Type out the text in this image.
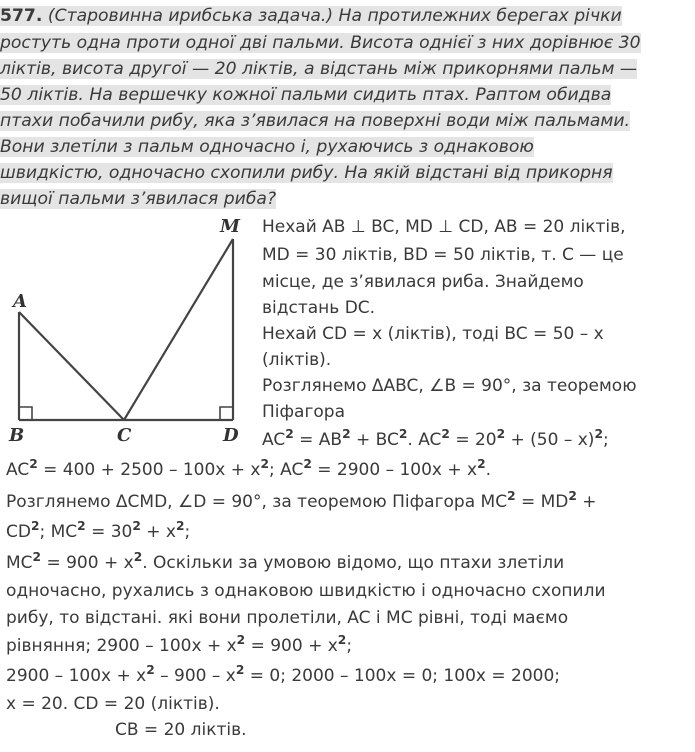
577. (Старовинна ирибська задача.) На протилежних берегах річки
ростуть одна проти одної дві пальми. Висота однієї з них дорівнює 30
ліктів, висота другої — 20 ліктів, а відстань між прикорнями пальм —
50 ліктів. На вершечку кожної пальми сидить птах. Раптом обидва
птахи побачили рибу, яка з’явилася на поверхні води між пальмами.
Вони злетіли з пальм одночасно і, рухаючись з однаковою
швидкістю, одночасно схопили рибу. На якій відстані від прикорня
вищої пальми з’явилася риба?
A
B	C	D
M Нехай AB ⊥ BC, MD ⊥ CD, AB = 20 ліктів,
MD = 30 ліктів, BD = 50 ліктів, т. С — це
місце, де з’явилася риба. Знайдемо
відстань DC.
Нехай CD = x (ліктів), тоді BC = 50 – x
(ліктів).
Розглянемо ΔABC, ∠B = 90°, за теоремою
Піфагора
$AC^2 = AB^2 + BC^2$. $AC^2 = 20^2 + (50 - x)^2$;
$AC^2 = 400 + 2500 - 100x + x^2$; $AC^2 = 2900 - 100x + x^2$.
Розглянемо ΔCMD, ∠D = 90°, за теоремою Піфагора $MC^2 = MD^2$ +
$CD^2$; $MC^2 = 30^2 + x^2$;
$MC^2 = 900 + x^2$. Оскільки за умовою відомо, що птахи злетіли
одночасно, рухались з однаковою швидкістю і одночасно схопили
рибу, то відстані. які вони пролетіли, AC і MC рівні, тоді маємо
рівняння; $2900 - 100x + x^2 = 900 + x^2$;
$2900 - 100x + x^2 - 900 - x^2 = 0$; 2000 – 100x = 0; 100x = 2000;
x = 20. CD = 20 (ліктів).
CB = 20 ліктів.
